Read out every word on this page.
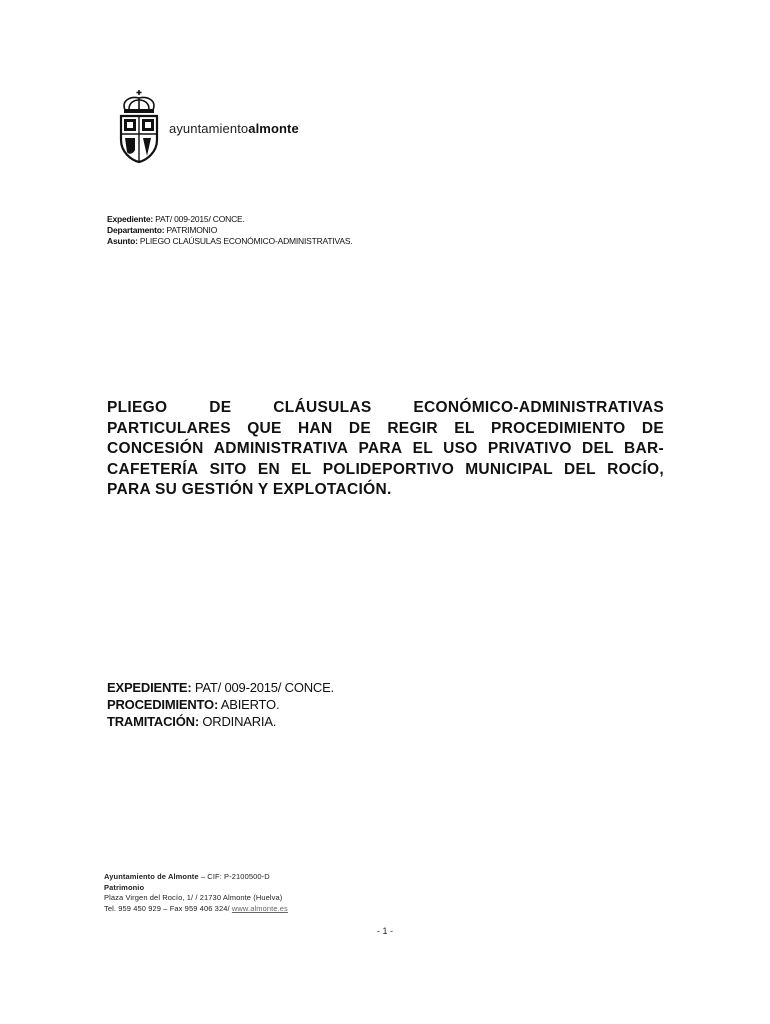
ayuntamientoalmonte
Expediente: PAT/ 009-2015/ CONCE.
Departamento: PATRIMONIO
Asunto: PLIEGO CLAÚSULAS ECONÓMICO-ADMINISTRATIVAS.
PLIEGO	DE	CLÁUSULAS	ECONÓMICO-ADMINISTRATIVAS
PARTICULARES QUE HAN DE REGIR EL PROCEDIMIENTO DE
CONCESIÓN ADMINISTRATIVA PARA EL USO PRIVATIVO DEL BAR-
CAFETERÍA SITO EN EL POLIDEPORTIVO MUNICIPAL DEL ROCÍO,
PARA SU GESTIÓN Y EXPLOTACIÓN.
EXPEDIENTE: PAT/ 009-2015/ CONCE.
PROCEDIMIENTO: ABIERTO.
TRAMITACIÓN: ORDINARIA.
Ayuntamiento de Almonte – CIF: P-2100500-D
Patrimonio
Plaza Virgen del Rocío, 1/ / 21730 Almonte (Huelva)
Tel. 959 450 929 – Fax 959 406 324/ www.almonte.es
- 1 -
